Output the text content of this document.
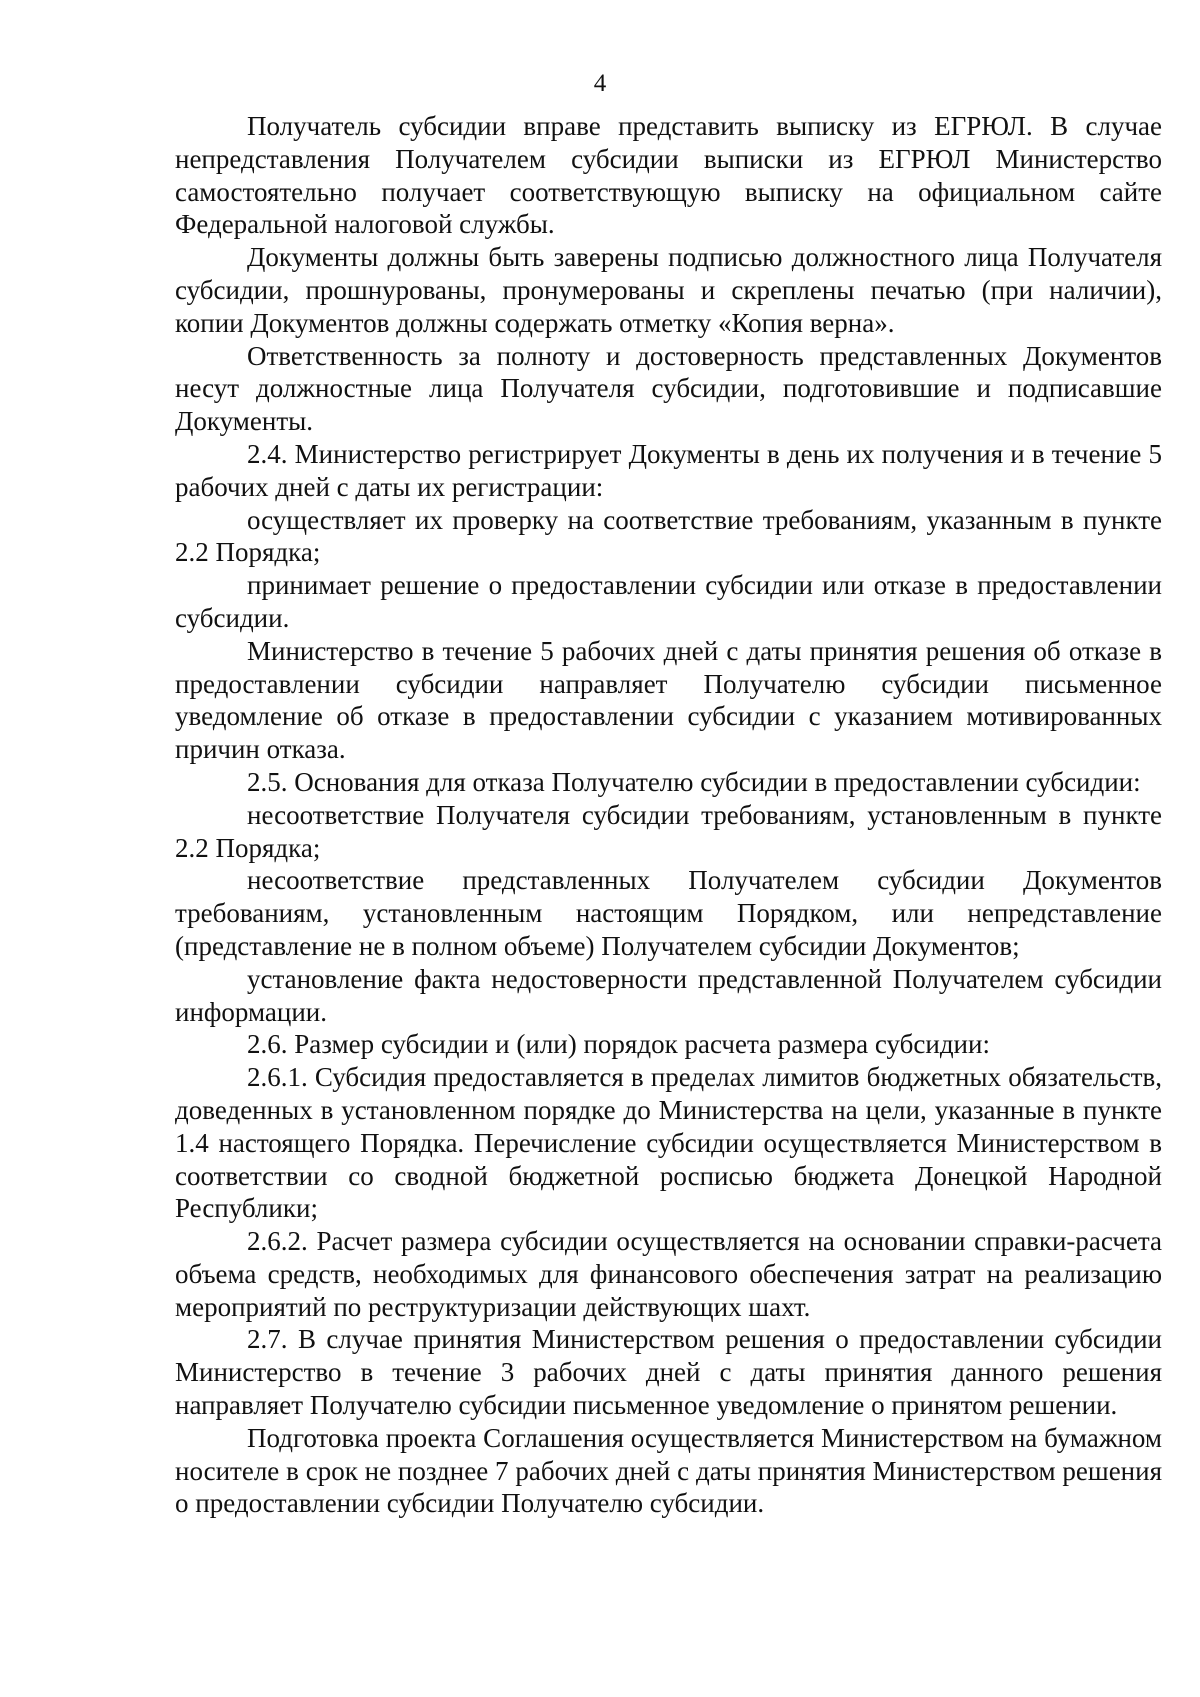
4

Получатель субсидии вправе представить выписку из ЕГРЮЛ. В случае непредставления Получателем субсидии выписки из ЕГРЮЛ Министерство самостоятельно получает соответствующую выписку на официальном сайте Федеральной налоговой службы.

Документы должны быть заверены подписью должностного лица Получателя субсидии, прошнурованы, пронумерованы и скреплены печатью (при наличии), копии Документов должны содержать отметку «Копия верна».

Ответственность за полноту и достоверность представленных Документов несут должностные лица Получателя субсидии, подготовившие и подписавшие Документы.

2.4. Министерство регистрирует Документы в день их получения и в течение 5 рабочих дней с даты их регистрации:

осуществляет их проверку на соответствие требованиям, указанным в пункте 2.2 Порядка;

принимает решение о предоставлении субсидии или отказе в предоставлении субсидии.

Министерство в течение 5 рабочих дней с даты принятия решения об отказе в предоставлении субсидии направляет Получателю субсидии письменное уведомление об отказе в предоставлении субсидии с указанием мотивированных причин отказа.

2.5. Основания для отказа Получателю субсидии в предоставлении субсидии:

несоответствие Получателя субсидии требованиям, установленным в пункте 2.2 Порядка;

несоответствие представленных Получателем субсидии Документов требованиям, установленным настоящим Порядком, или непредставление (представление не в полном объеме) Получателем субсидии Документов;

установление факта недостоверности представленной Получателем субсидии информации.

2.6. Размер субсидии и (или) порядок расчета размера субсидии:

2.6.1. Субсидия предоставляется в пределах лимитов бюджетных обязательств, доведенных в установленном порядке до Министерства на цели, указанные в пункте 1.4 настоящего Порядка. Перечисление субсидии осуществляется Министерством в соответствии со сводной бюджетной росписью бюджета Донецкой Народной Республики;

2.6.2. Расчет размера субсидии осуществляется на основании справки-расчета объема средств, необходимых для финансового обеспечения затрат на реализацию мероприятий по реструктуризации действующих шахт.

2.7. В случае принятия Министерством решения о предоставлении субсидии Министерство в течение 3 рабочих дней с даты принятия данного решения направляет Получателю субсидии письменное уведомление о принятом решении.

Подготовка проекта Соглашения осуществляется Министерством на бумажном носителе в срок не позднее 7 рабочих дней с даты принятия Министерством решения о предоставлении субсидии Получателю субсидии.
